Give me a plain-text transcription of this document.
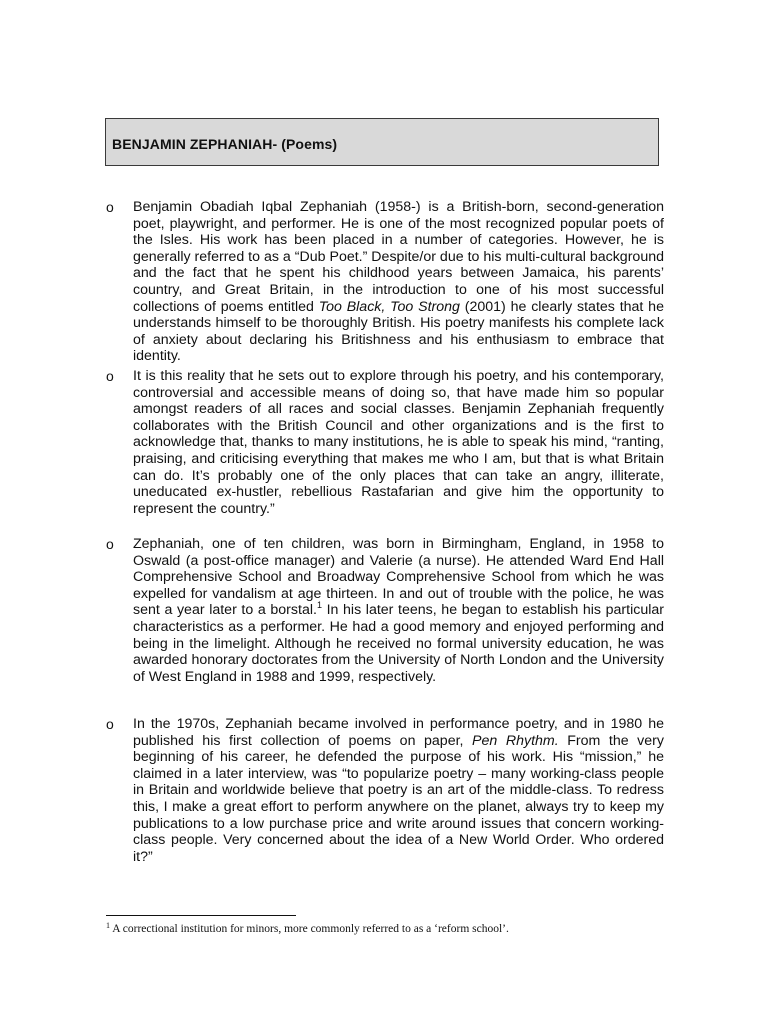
BENJAMIN ZEPHANIAH- (Poems)
o Benjamin Obadiah Iqbal Zephaniah (1958-) is a British-born, second-generation poet, playwright, and performer. He is one of the most recognized popular poets of the Isles. His work has been placed in a number of categories. However, he is generally referred to as a “Dub Poet.” Despite/or due to his multi-cultural background and the fact that he spent his childhood years between Jamaica, his parents’ country, and Great Britain, in the introduction to one of his most successful collections of poems entitled Too Black, Too Strong (2001) he clearly states that he understands himself to be thoroughly British. His poetry manifests his complete lack of anxiety about declaring his Britishness and his enthusiasm to embrace that identity.
o It is this reality that he sets out to explore through his poetry, and his contemporary, controversial and accessible means of doing so, that have made him so popular amongst readers of all races and social classes. Benjamin Zephaniah frequently collaborates with the British Council and other organizations and is the first to acknowledge that, thanks to many institutions, he is able to speak his mind, “ranting, praising, and criticising everything that makes me who I am, but that is what Britain can do. It’s probably one of the only places that can take an angry, illiterate, uneducated ex-hustler, rebellious Rastafarian and give him the opportunity to represent the country.”
o Zephaniah, one of ten children, was born in Birmingham, England, in 1958 to Oswald (a post-office manager) and Valerie (a nurse). He attended Ward End Hall Comprehensive School and Broadway Comprehensive School from which he was expelled for vandalism at age thirteen. In and out of trouble with the police, he was sent a year later to a borstal.$^1$ In his later teens, he began to establish his particular characteristics as a performer. He had a good memory and enjoyed performing and being in the limelight. Although he received no formal university education, he was awarded honorary doctorates from the University of North London and the University of West England in 1988 and 1999, respectively.
o In the 1970s, Zephaniah became involved in performance poetry, and in 1980 he published his first collection of poems on paper, Pen Rhythm. From the very beginning of his career, he defended the purpose of his work. His “mission,” he claimed in a later interview, was “to popularize poetry – many working-class people in Britain and worldwide believe that poetry is an art of the middle-class. To redress this, I make a great effort to perform anywhere on the planet, always try to keep my publications to a low purchase price and write around issues that concern working-class people. Very concerned about the idea of a New World Order. Who ordered it?”
$^1$ A correctional institution for minors, more commonly referred to as a ‘reform school’.
